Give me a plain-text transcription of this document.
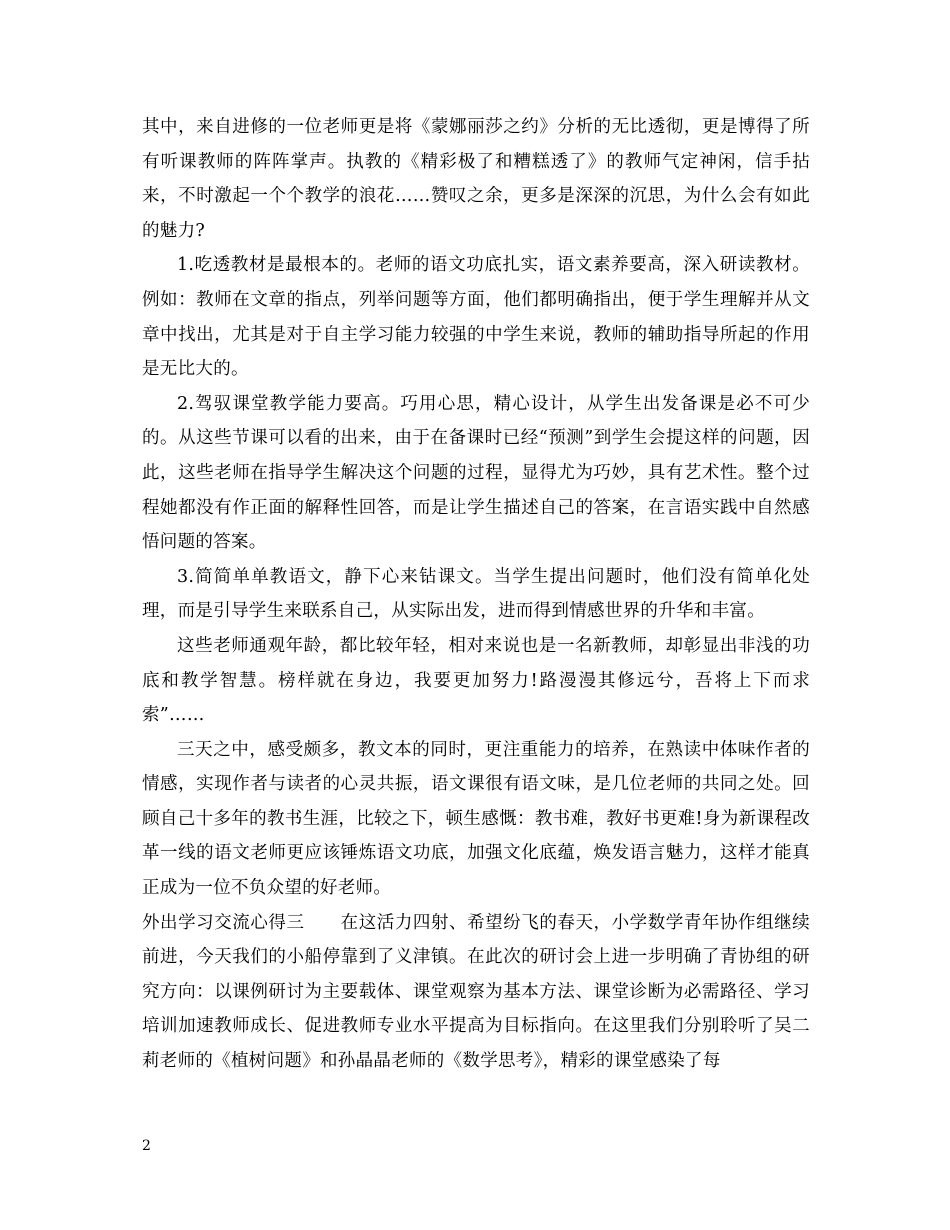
其中，来自进修的一位老师更是将《蒙娜丽莎之约》分析的无比透彻，更是博得了所有听课教师的阵阵掌声。执教的《精彩极了和糟糕透了》的教师气定神闲，信手拈来，不时激起一个个教学的浪花……赞叹之余，更多是深深的沉思，为什么会有如此的魅力?

1.吃透教材是最根本的。老师的语文功底扎实，语文素养要高，深入研读教材。例如：教师在文章的指点，列举问题等方面，他们都明确指出，便于学生理解并从文章中找出，尤其是对于自主学习能力较强的中学生来说，教师的辅助指导所起的作用是无比大的。

2.驾驭课堂教学能力要高。巧用心思，精心设计，从学生出发备课是必不可少的。从这些节课可以看的出来，由于在备课时已经“预测”到学生会提这样的问题，因此，这些老师在指导学生解决这个问题的过程，显得尤为巧妙，具有艺术性。整个过程她都没有作正面的解释性回答，而是让学生描述自己的答案，在言语实践中自然感悟问题的答案。

3.简简单单教语文，静下心来钻课文。当学生提出问题时，他们没有简单化处理，而是引导学生来联系自己，从实际出发，进而得到情感世界的升华和丰富。

这些老师通观年龄，都比较年轻，相对来说也是一名新教师，却彰显出非浅的功底和教学智慧。榜样就在身边，我要更加努力!路漫漫其修远兮，吾将上下而求索”……

三天之中，感受颇多，教文本的同时，更注重能力的培养，在熟读中体味作者的情感，实现作者与读者的心灵共振，语文课很有语文味，是几位老师的共同之处。回顾自己十多年的教书生涯，比较之下，顿生感慨：教书难，教好书更难!身为新课程改革一线的语文老师更应该锤炼语文功底，加强文化底蕴，焕发语言魅力，这样才能真正成为一位不负众望的好老师。

外出学习交流心得三　　在这活力四射、希望纷飞的春天，小学数学青年协作组继续前进，今天我们的小船停靠到了义津镇。在此次的研讨会上进一步明确了青协组的研究方向：以课例研讨为主要载体、课堂观察为基本方法、课堂诊断为必需路径、学习培训加速教师成长、促进教师专业水平提高为目标指向。在这里我们分别聆听了吴二莉老师的《植树问题》和孙晶晶老师的《数学思考》，精彩的课堂感染了每

2
